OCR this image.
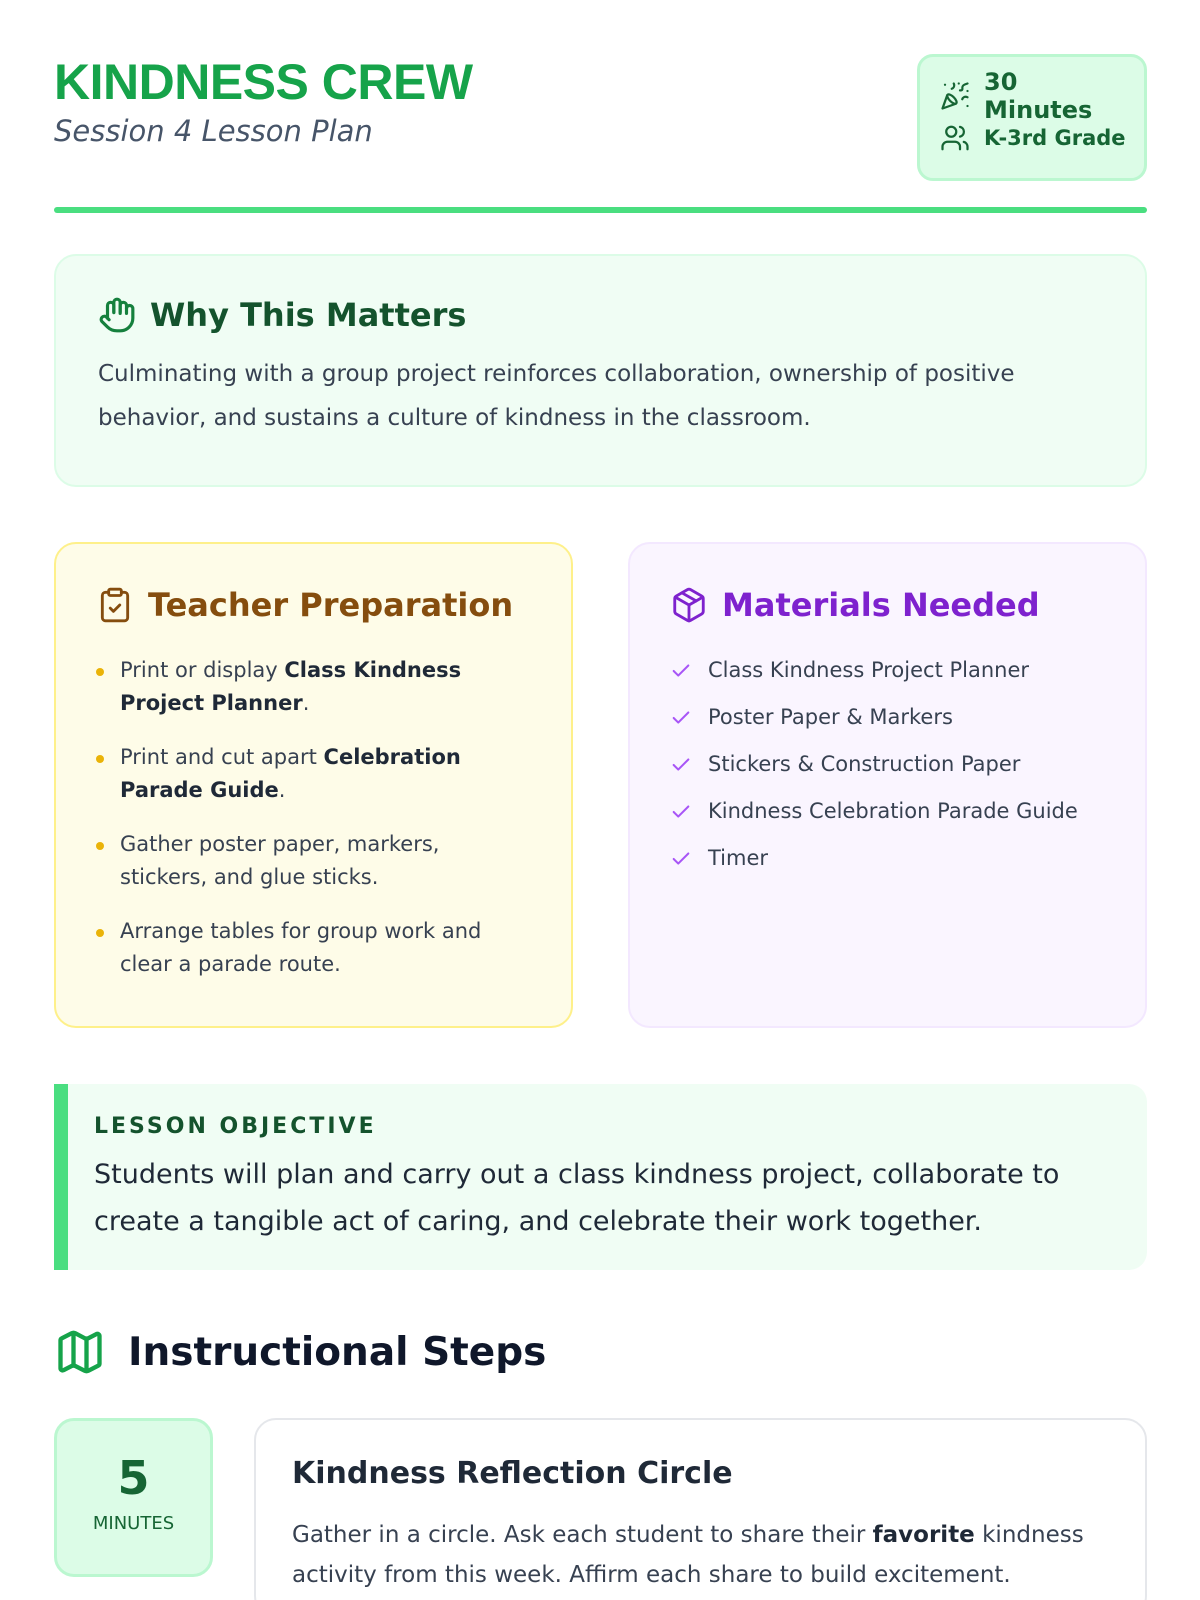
KINDNESS CREW
Session 4 Lesson Plan
30 Minutes
K-3rd Grade
Why This Matters

Culminating with a group project reinforces collaboration, ownership of positive behavior, and sustains a culture of kindness in the classroom.

Teacher Preparation
Print or display Class Kindness Project Planner.
Print and cut apart Celebration Parade Guide.
Gather poster paper, markers, stickers, and glue sticks.
Arrange tables for group work and clear a parade route.
Materials Needed
Class Kindness Project Planner
Poster Paper & Markers
Stickers & Construction Paper
Kindness Celebration Parade Guide
Timer
LESSON OBJECTIVE

Students will plan and carry out a class kindness project, collaborate to create a tangible act of caring, and celebrate their work together.

Instructional Steps
5
MINUTES
Kindness Reflection Circle

Gather in a circle. Ask each student to share their favorite kindness activity from this week. Affirm each share to build excitement.
